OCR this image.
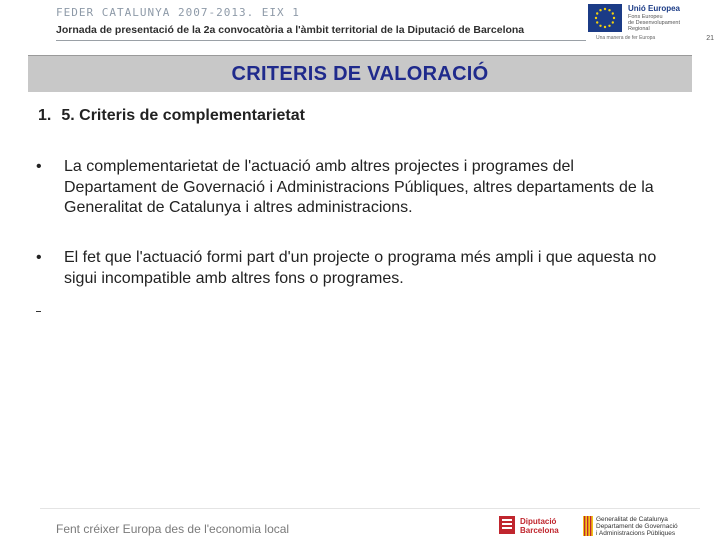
FEDER CATALUNYA 2007-2013. EIX 1
Jornada de presentació de la 2a convocatòria a l'àmbit territorial de la Diputació de Barcelona
Unió Europea
Fons Europeu
de Desenvolupament
Regional
Una manera de fer Europa	21
CRITERIS DE VALORACIÓ
1. 5. Criteris de complementarietat
• La complementarietat de l'actuació amb altres projectes i programes del Departament de Governació i Administracions Públiques, altres departaments de la Generalitat de Catalunya i altres administracions.
• El fet que l'actuació formi part d'un projecte o programa més ampli i que aquesta no sigui incompatible amb altres fons o programes.
Fent créixer Europa des de l'economia local
Diputació
Barcelona
Generalitat de Catalunya
Departament de Governació
i Administracions Públiques
